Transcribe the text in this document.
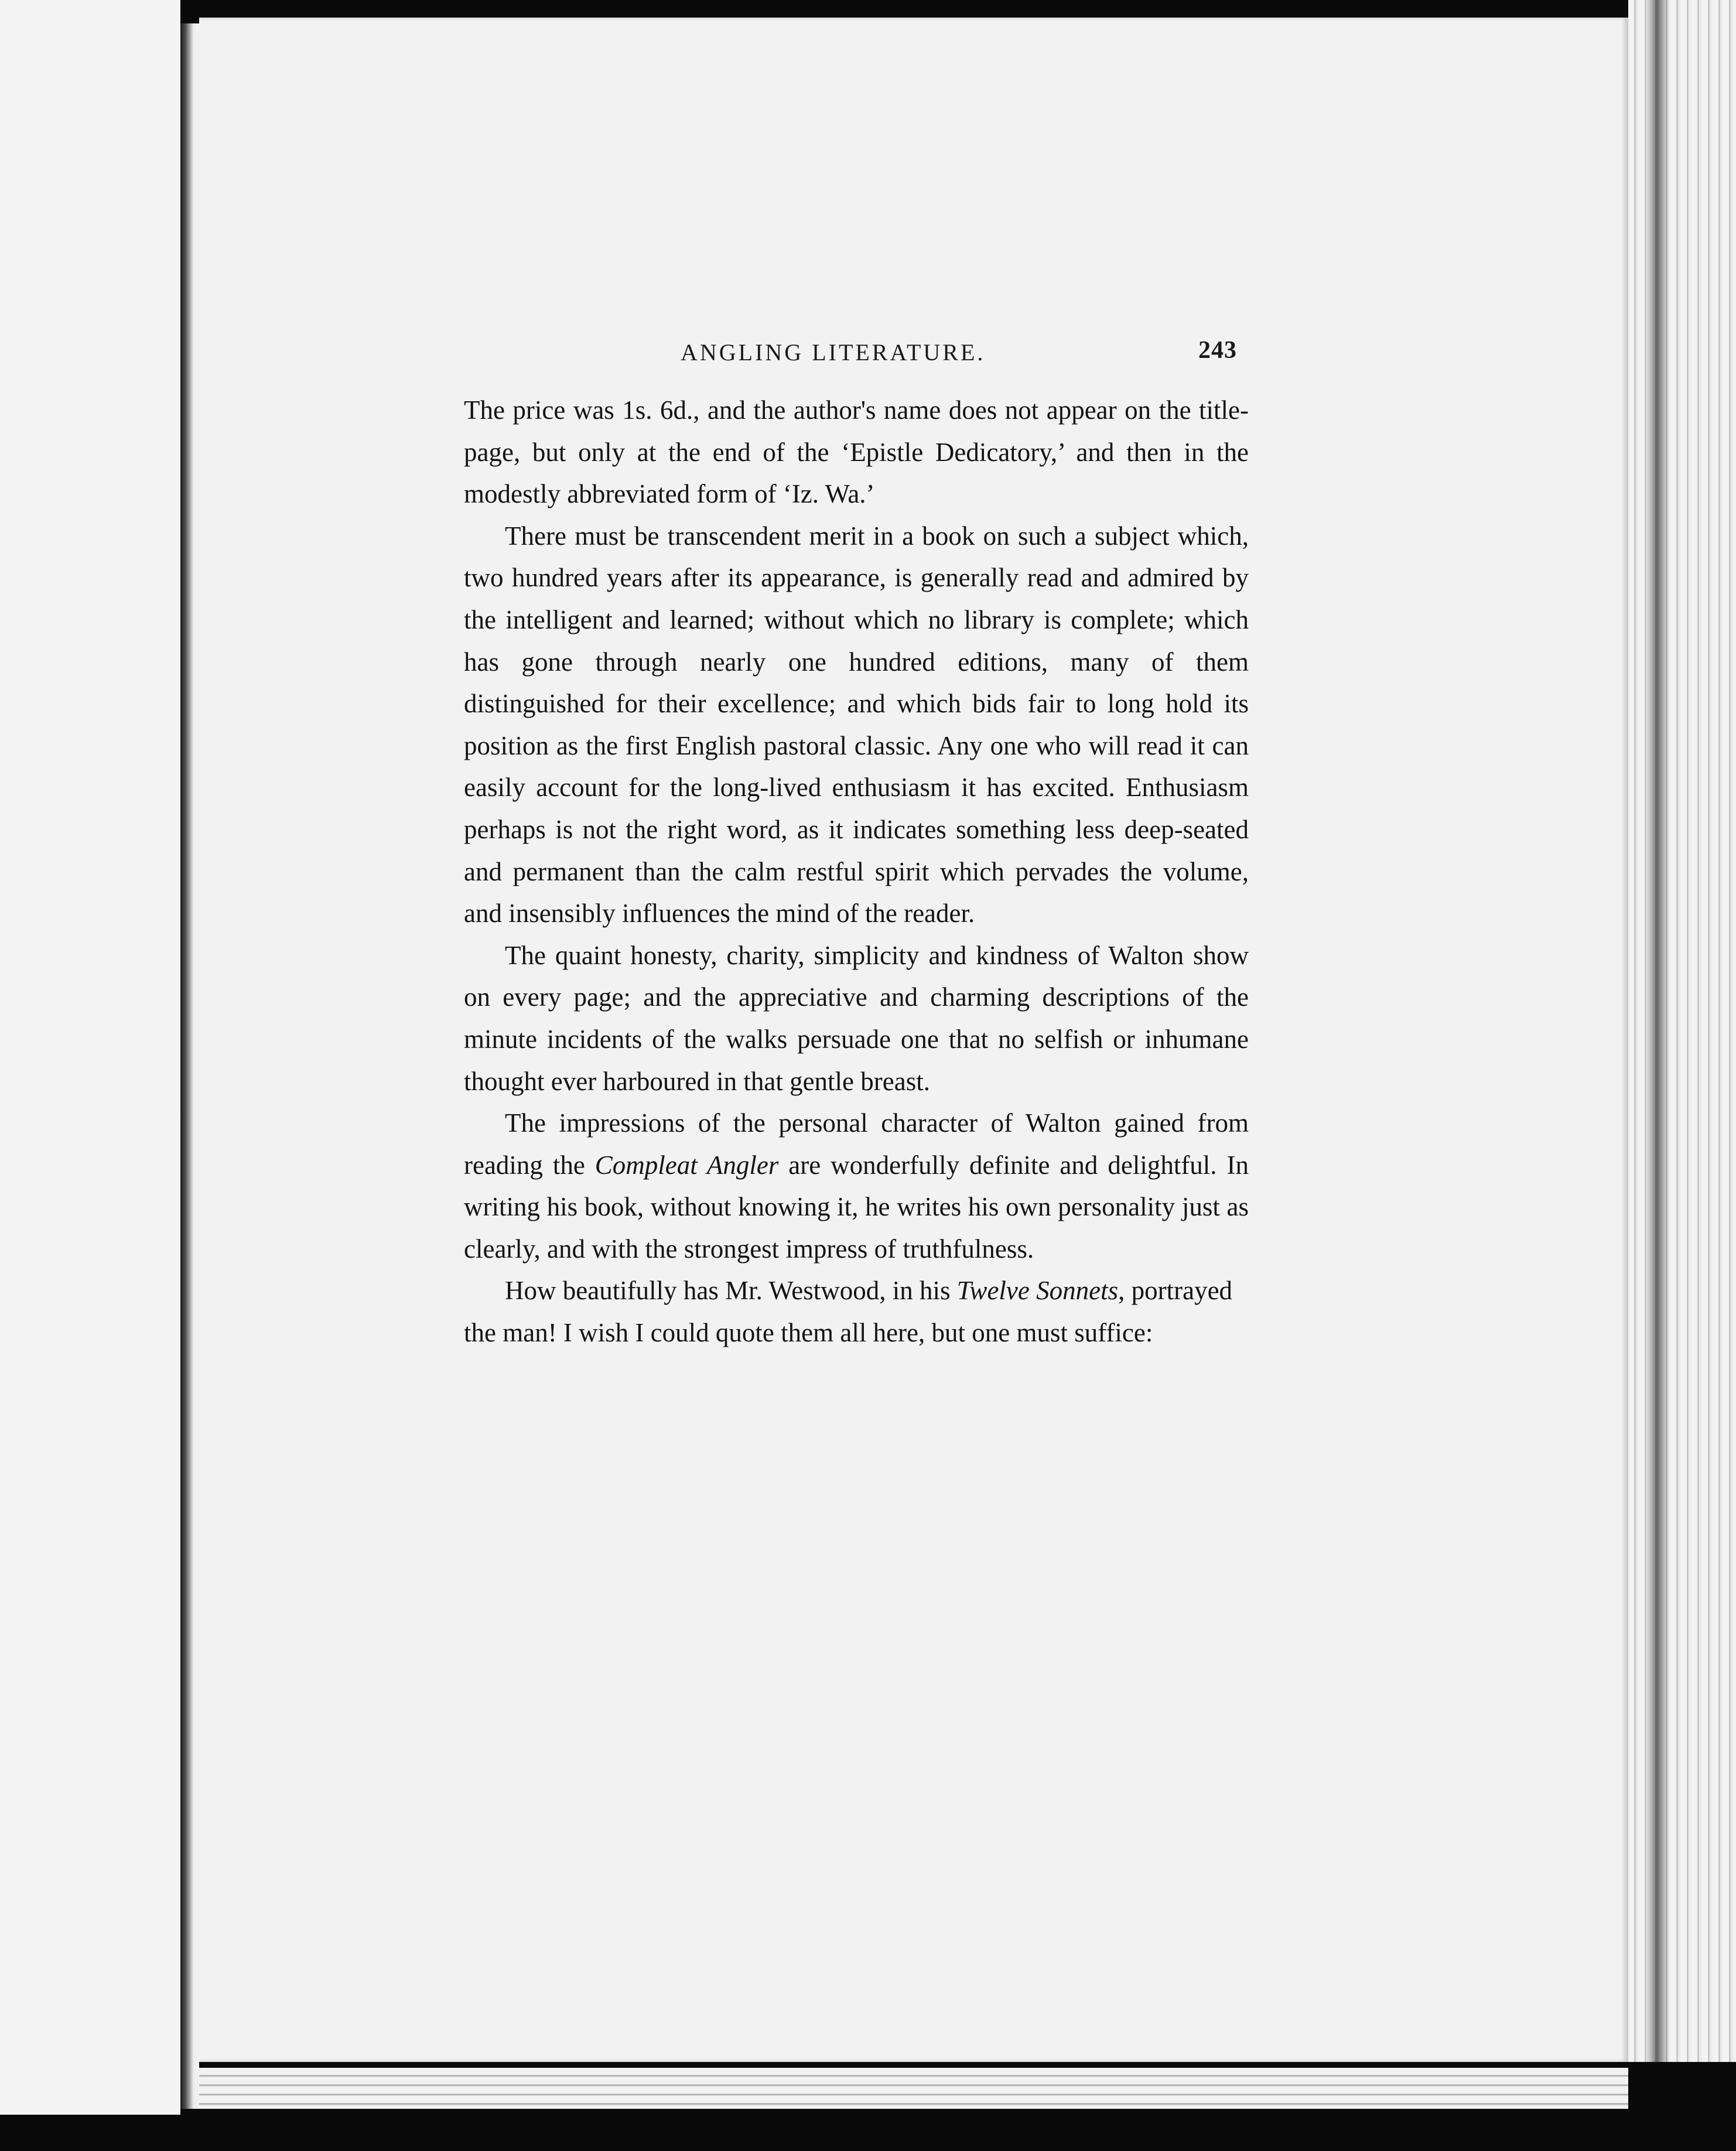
ANGLING LITERATURE.	243

The price was 1s. 6d., and the author's name does not appear on the title-page, but only at the end of the ‘Epistle Dedicatory,’ and then in the modestly abbreviated form of ‘Iz. Wa.’

There must be transcendent merit in a book on such a subject which, two hundred years after its appearance, is generally read and admired by the intelligent and learned; without which no library is complete; which has gone through nearly one hundred editions, many of them distinguished for their excellence; and which bids fair to long hold its position as the first English pastoral classic. Any one who will read it can easily account for the long-lived enthusiasm it has excited. Enthusiasm perhaps is not the right word, as it indicates something less deep-seated and permanent than the calm restful spirit which pervades the volume, and insensibly influences the mind of the reader.

The quaint honesty, charity, simplicity and kindness of Walton show on every page; and the appreciative and charming descriptions of the minute incidents of the walks persuade one that no selfish or inhumane thought ever harboured in that gentle breast.

The impressions of the personal character of Walton gained from reading the Compleat Angler are wonderfully definite and delightful. In writing his book, without knowing it, he writes his own personality just as clearly, and with the strongest impress of truthfulness.

How beautifully has Mr. Westwood, in his Twelve Sonnets, portrayed the man! I wish I could quote them all here, but one must suffice:
